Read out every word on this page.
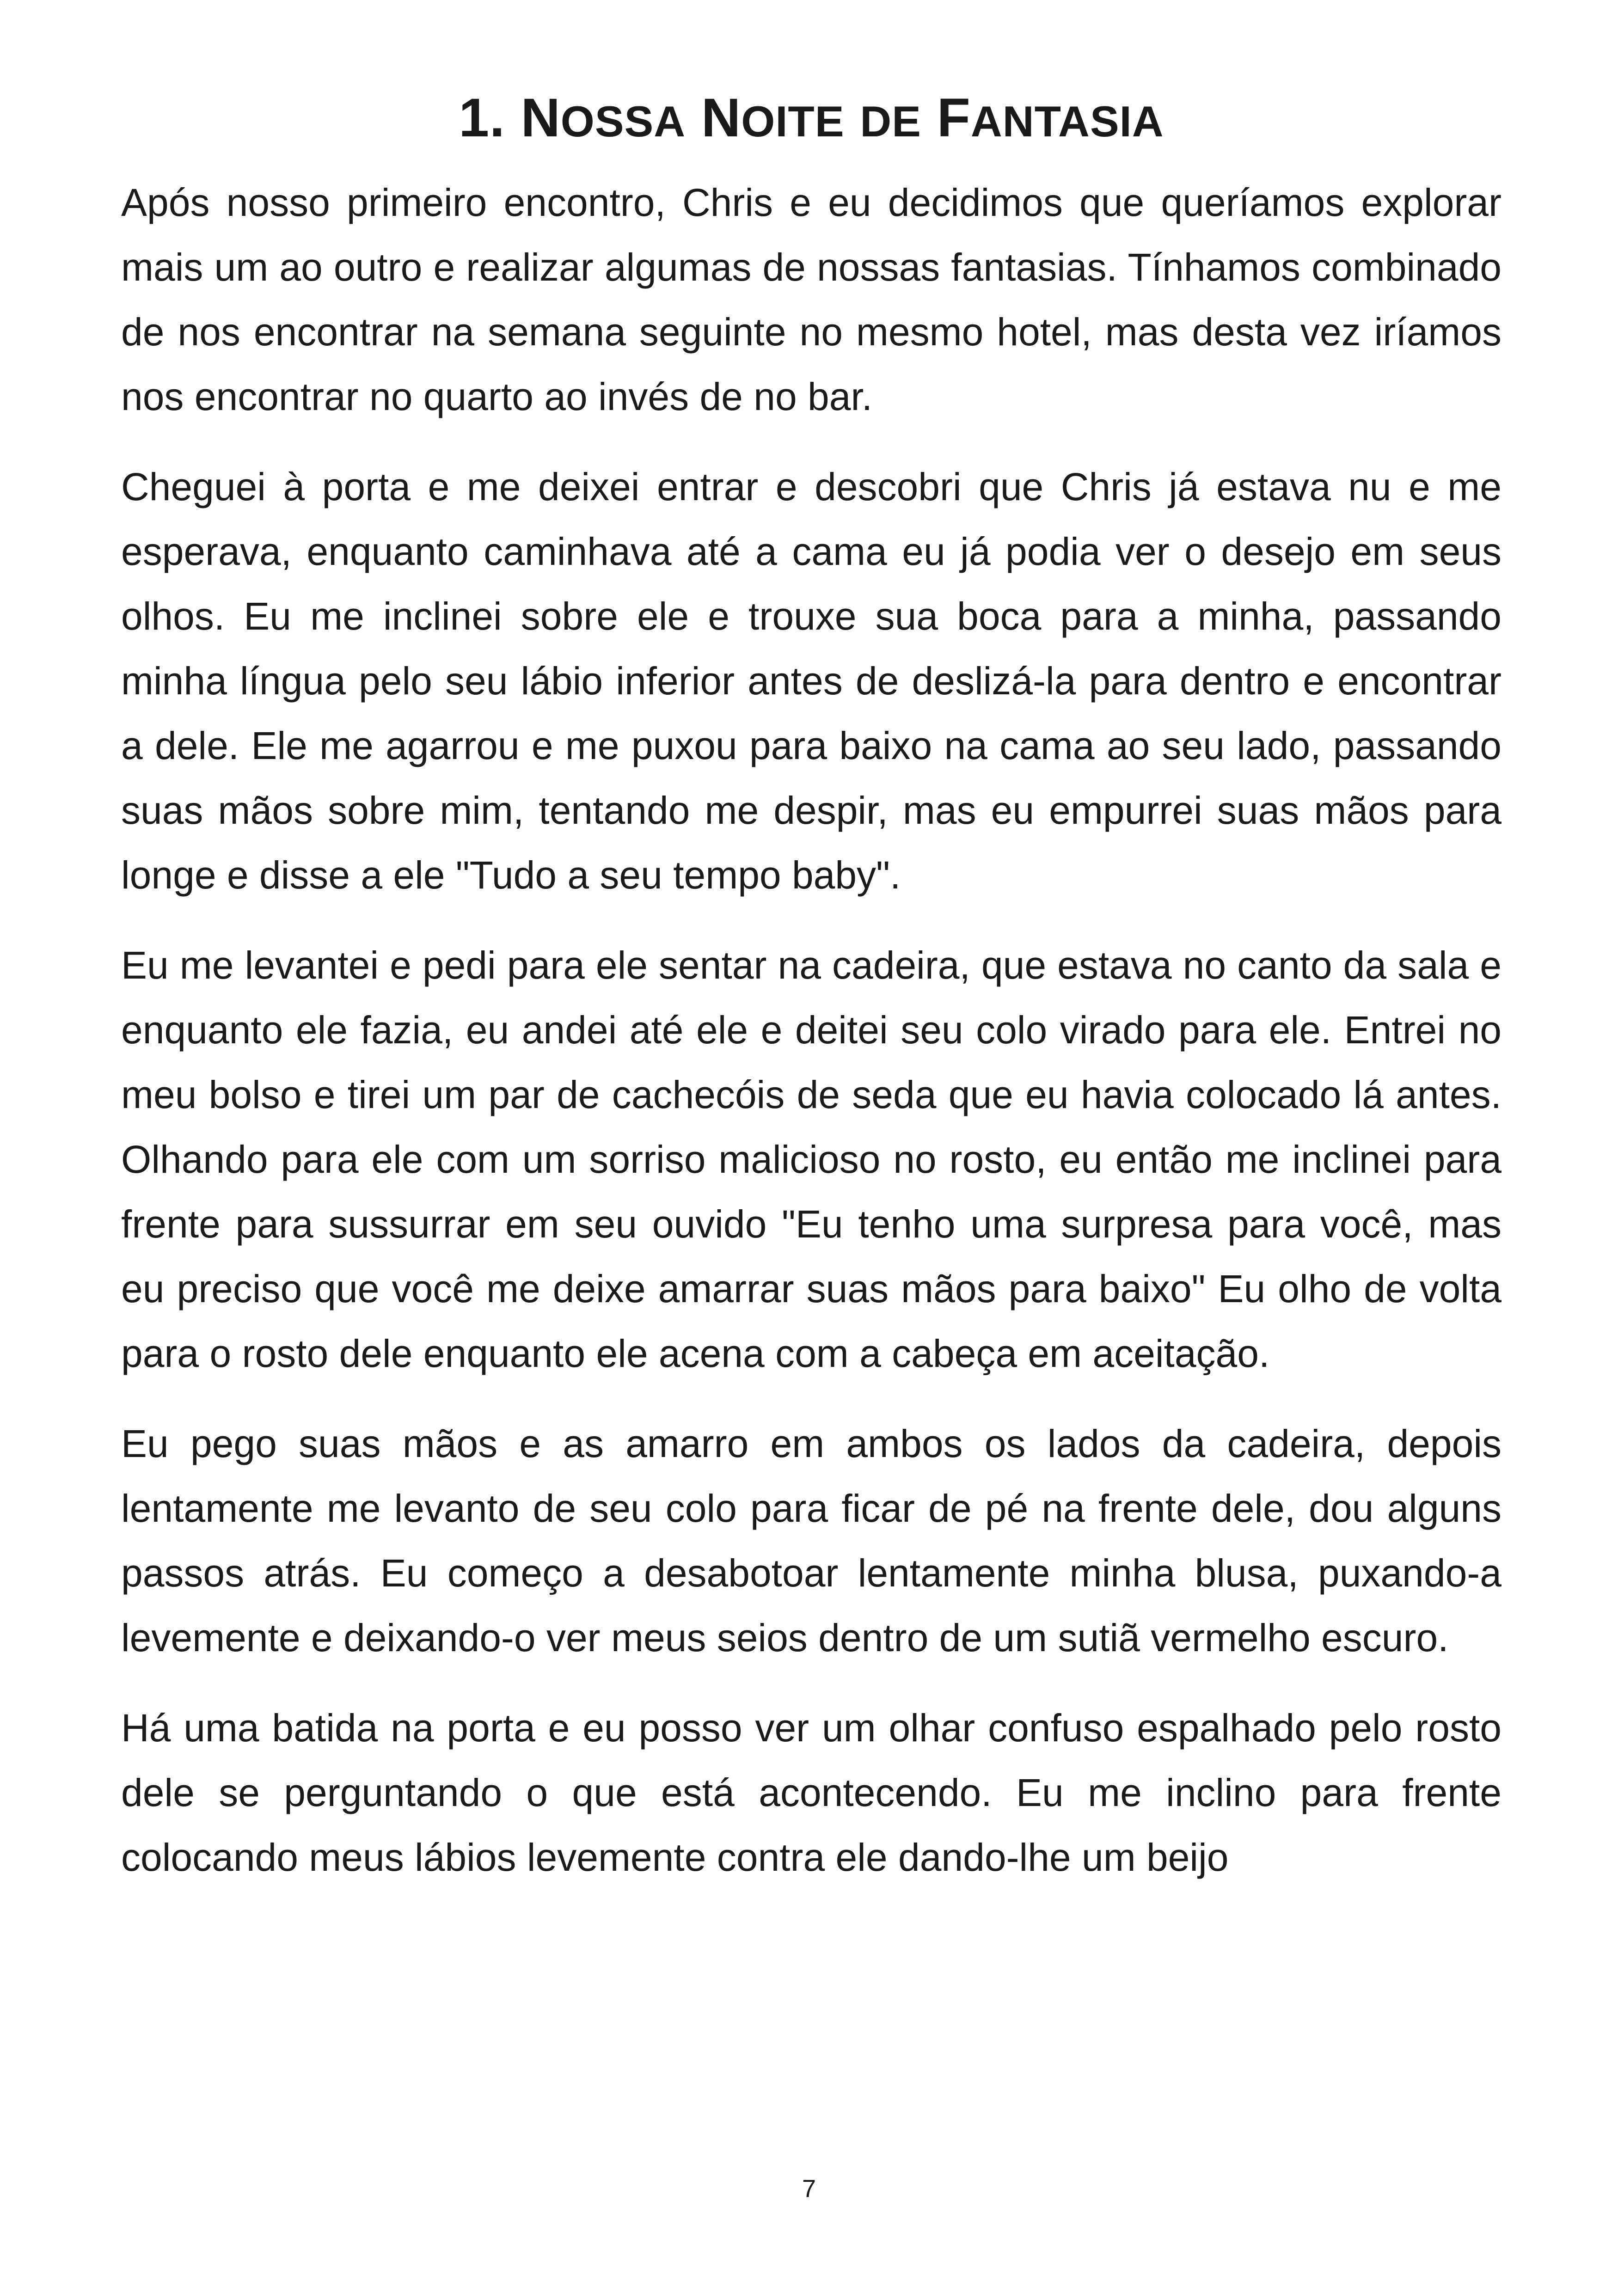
1. NOSSA NOITE DE FANTASIA

Após nosso primeiro encontro, Chris e eu decidimos que queríamos explorar mais um ao outro e realizar algumas de nossas fantasias. Tínhamos combinado de nos encontrar na semana seguinte no mesmo hotel, mas desta vez iríamos nos encontrar no quarto ao invés de no bar.

Cheguei à porta e me deixei entrar e descobri que Chris já estava nu e me esperava, enquanto caminhava até a cama eu já podia ver o desejo em seus olhos. Eu me inclinei sobre ele e trouxe sua boca para a minha, passando minha língua pelo seu lábio inferior antes de deslizá-la para dentro e encontrar a dele. Ele me agarrou e me puxou para baixo na cama ao seu lado, passando suas mãos sobre mim, tentando me despir, mas eu empurrei suas mãos para longe e disse a ele "Tudo a seu tempo baby".

Eu me levantei e pedi para ele sentar na cadeira, que estava no canto da sala e enquanto ele fazia, eu andei até ele e deitei seu colo virado para ele. Entrei no meu bolso e tirei um par de cachecóis de seda que eu havia colocado lá antes. Olhando para ele com um sorriso malicioso no rosto, eu então me inclinei para frente para sussurrar em seu ouvido "Eu tenho uma surpresa para você, mas eu preciso que você me deixe amarrar suas mãos para baixo" Eu olho de volta para o rosto dele enquanto ele acena com a cabeça em aceitação.

Eu pego suas mãos e as amarro em ambos os lados da cadeira, depois lentamente me levanto de seu colo para ficar de pé na frente dele, dou alguns passos atrás. Eu começo a desabotoar lentamente minha blusa, puxando-a levemente e deixando-o ver meus seios dentro de um sutiã vermelho escuro.

Há uma batida na porta e eu posso ver um olhar confuso espalhado pelo rosto dele se perguntando o que está acontecendo. Eu me inclino para frente colocando meus lábios levemente contra ele dando-lhe um beijo

7
